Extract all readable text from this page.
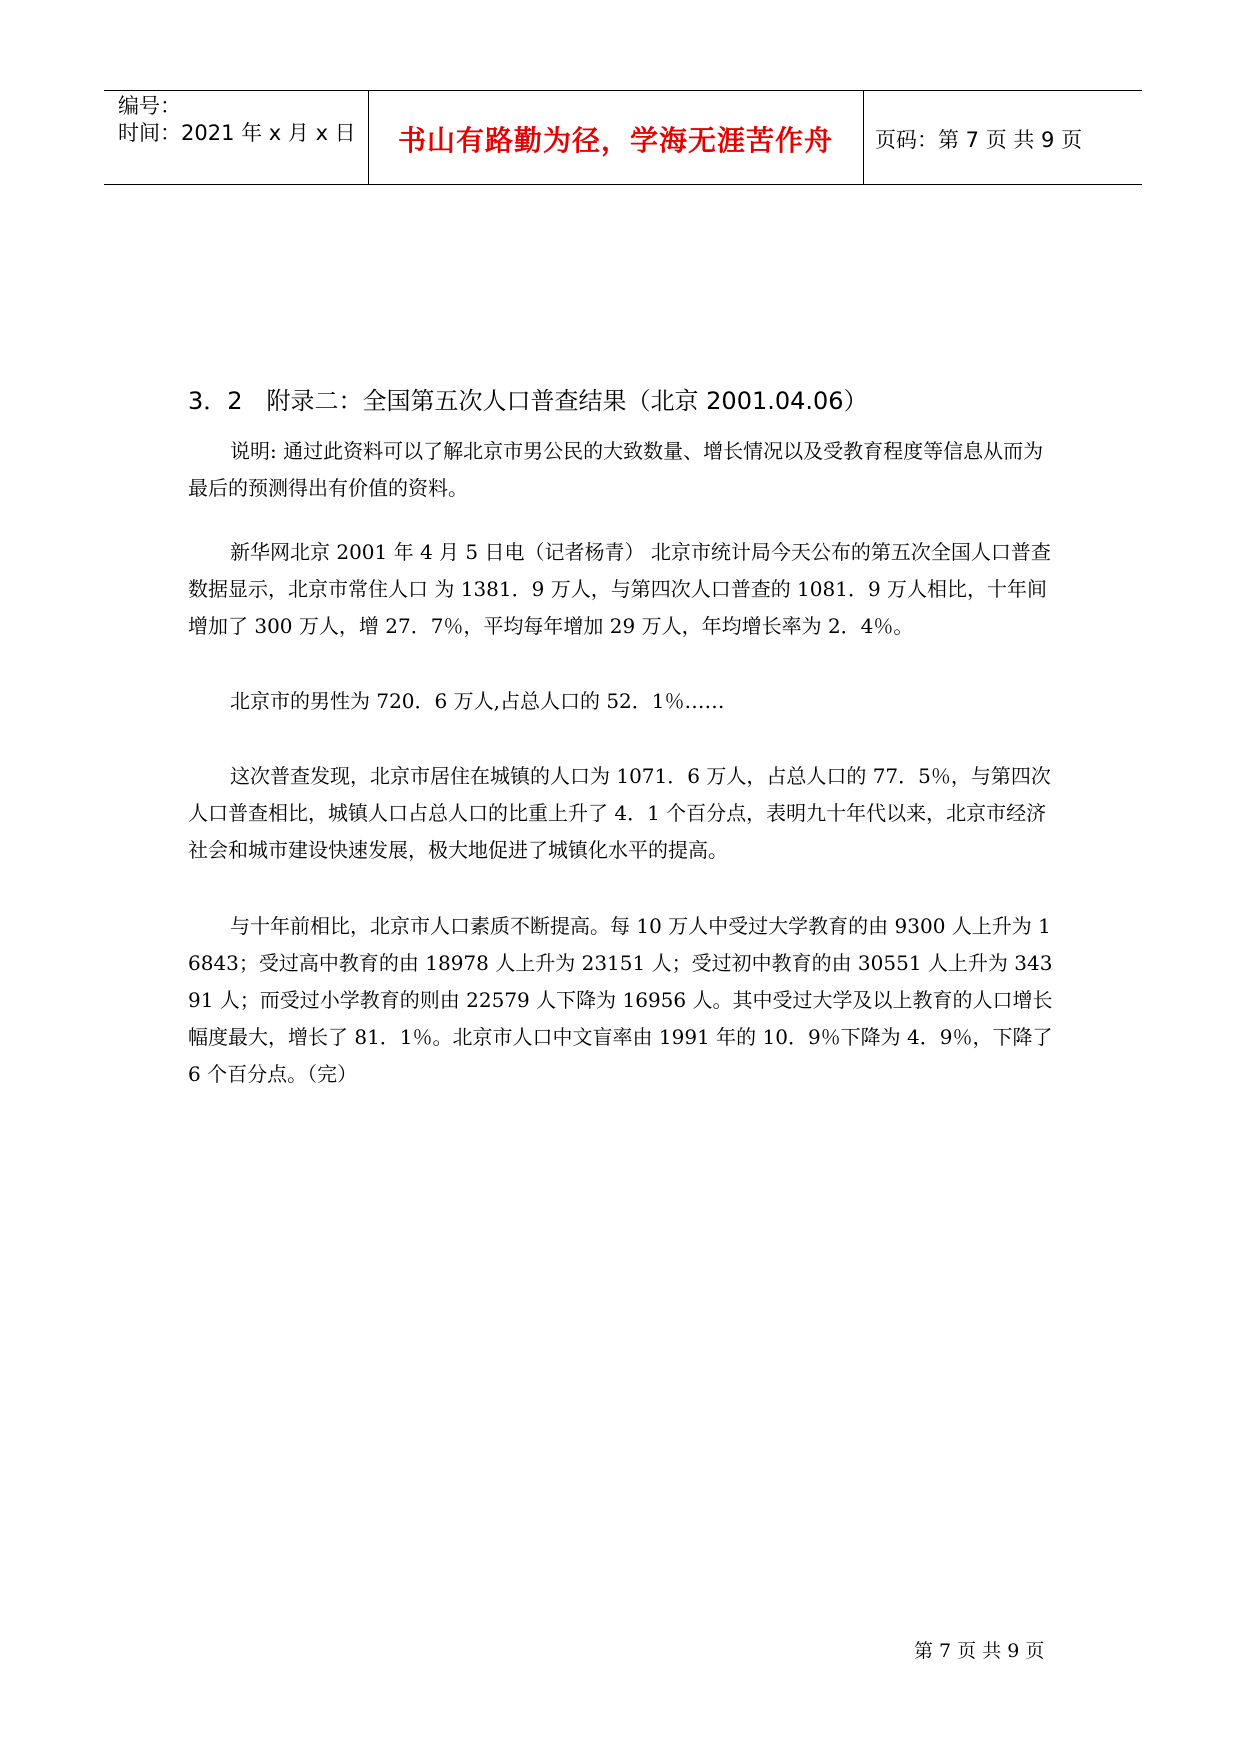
编号：
时间：2021 年 x 月 x 日	书山有路勤为径，学海无涯苦作舟	页码：第 7 页 共 9 页
3．2　附录二：全国第五次人口普查结果（北京 2001.04.06）

说明: 通过此资料可以了解北京市男公民的大致数量、增长情况以及受教育程度等信息从而为最后的预测得出有价值的资料。

新华网北京 2001 年 4 月 5 日电（记者杨青） 北京市统计局今天公布的第五次全国人口普查数据显示，北京市常住人口 为 1381．9 万人，与第四次人口普查的 1081．9 万人相比，十年间增加了 300 万人，增 27．7％，平均每年增加 29 万人，年均增长率为 2．4％。

北京市的男性为 720．6 万人,占总人口的 52．1％……

这次普查发现，北京市居住在城镇的人口为 1071．6 万人，占总人口的 77．5％，与第四次人口普查相比，城镇人口占总人口的比重上升了 4．1 个百分点，表明九十年代以来，北京市经济社会和城市建设快速发展，极大地促进了城镇化水平的提高。

与十年前相比，北京市人口素质不断提高。每 10 万人中受过大学教育的由 9300 人上升为 16843；受过高中教育的由 18978 人上升为 23151 人；受过初中教育的由 30551 人上升为 34391 人；而受过小学教育的则由 22579 人下降为 16956 人。其中受过大学及以上教育的人口增长幅度最大，增长了 81．1％。北京市人口中文盲率由 1991 年的 10．9％下降为 4．9％，下降了 6 个百分点。（完）

第 7 页 共 9 页
